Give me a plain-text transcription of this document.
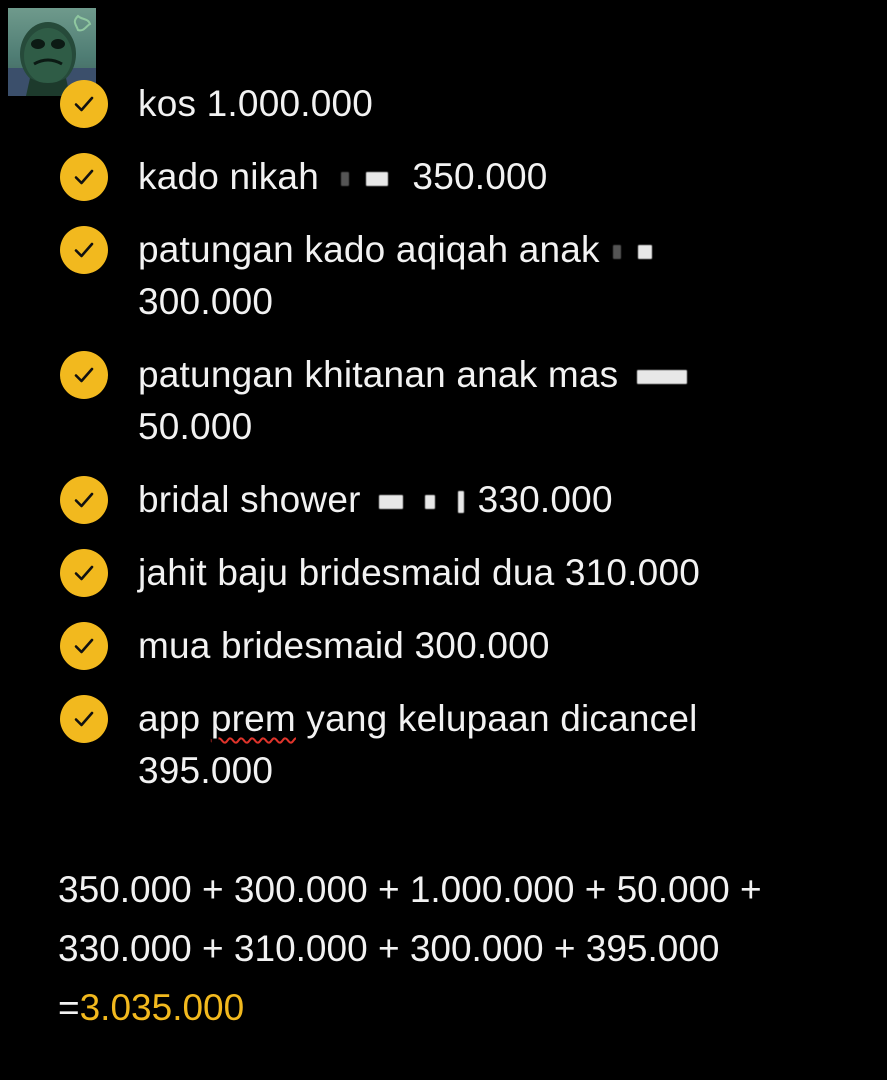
kos 1.000.000
kado nikah	350.000
patungan kado aqiqah anak
300.000
patungan khitanan anak mas
50.000
bridal shower	330.000
jahit baju bridesmaid dua 310.000
mua bridesmaid 300.000
app prem yang kelupaan dicancel
395.000
350.000 + 300.000 + 1.000.000 + 50.000 +
330.000 + 310.000 + 300.000 + 395.000
=3.035.000
